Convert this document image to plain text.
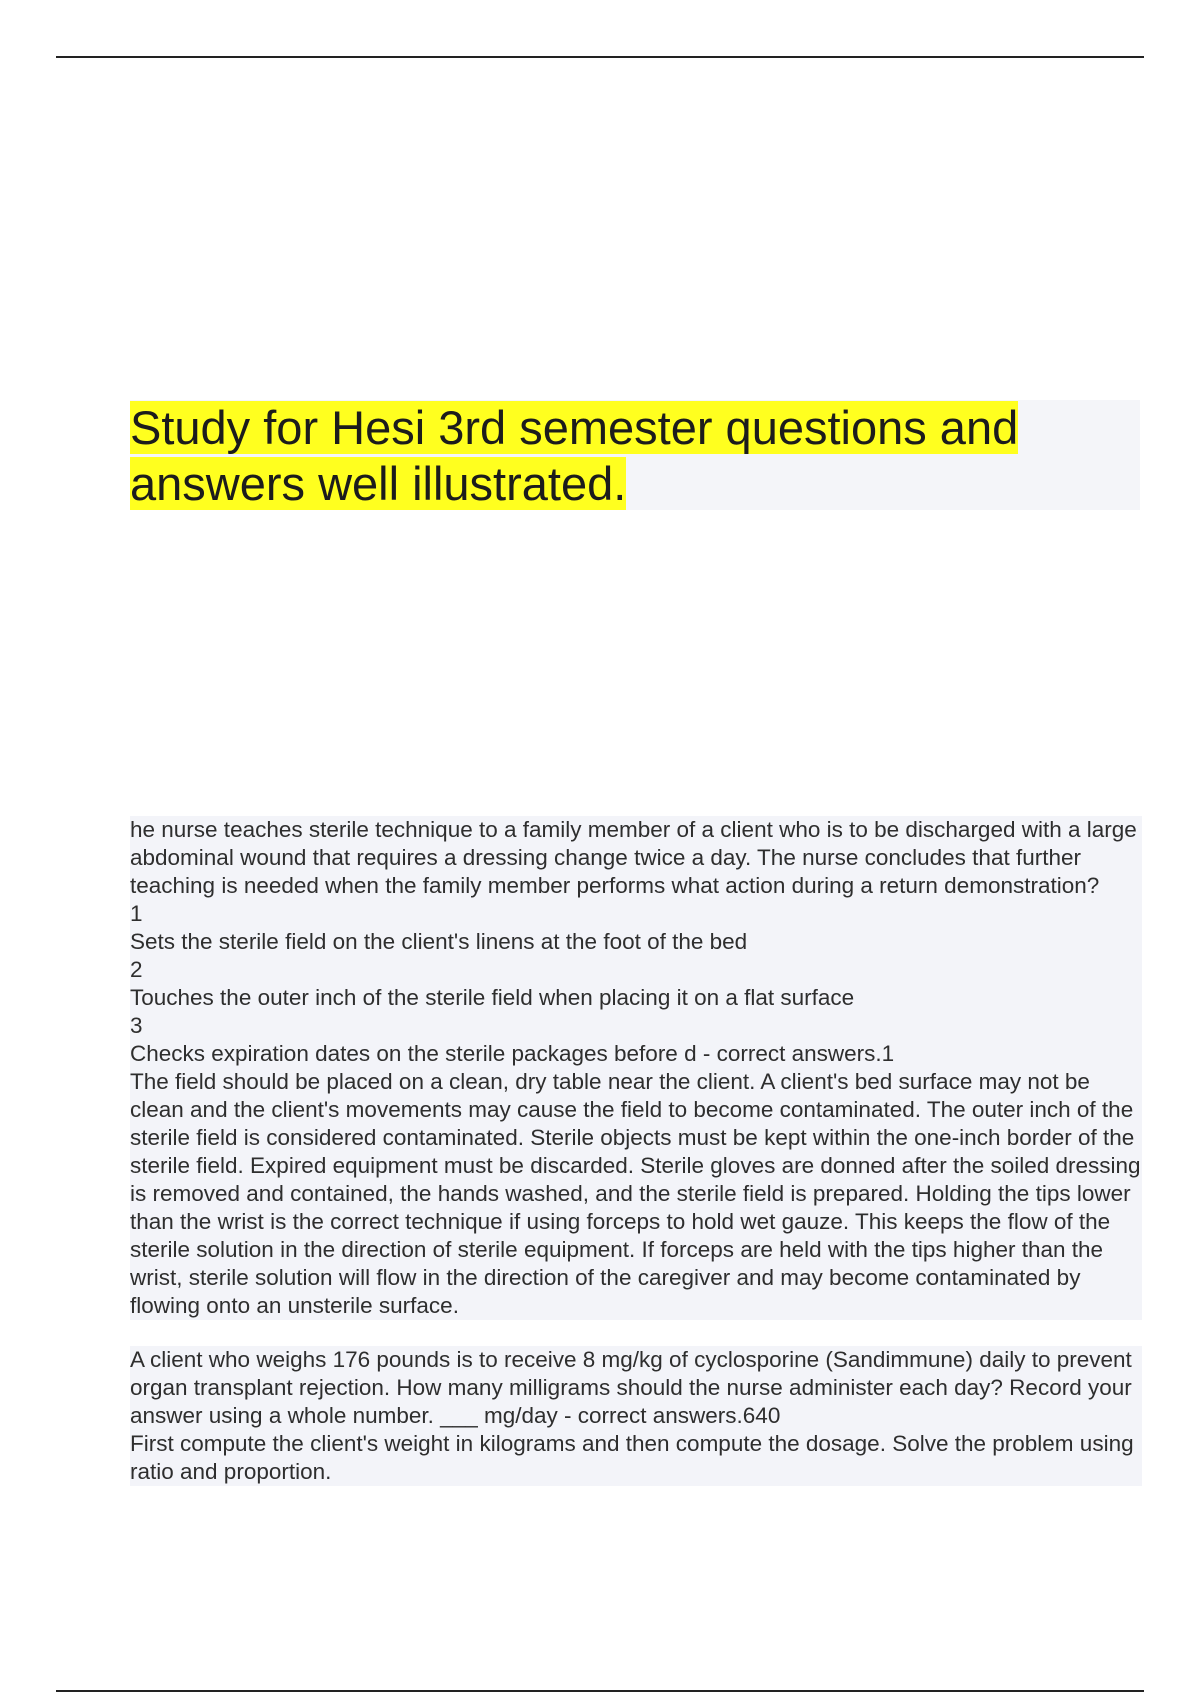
Study for Hesi 3rd semester questions and answers well illustrated.

he nurse teaches sterile technique to a family member of a client who is to be discharged with a large abdominal wound that requires a dressing change twice a day. The nurse concludes that further teaching is needed when the family member performs what action during a return demonstration?

1

Sets the sterile field on the client's linens at the foot of the bed

2

Touches the outer inch of the sterile field when placing it on a flat surface

3

Checks expiration dates on the sterile packages before d - correct answers.1

The field should be placed on a clean, dry table near the client. A client's bed surface may not be clean and the client's movements may cause the field to become contaminated. The outer inch of the sterile field is considered contaminated. Sterile objects must be kept within the one-inch border of the sterile field. Expired equipment must be discarded. Sterile gloves are donned after the soiled dressing is removed and contained, the hands washed, and the sterile field is prepared. Holding the tips lower than the wrist is the correct technique if using forceps to hold wet gauze. This keeps the flow of the sterile solution in the direction of sterile equipment. If forceps are held with the tips higher than the wrist, sterile solution will flow in the direction of the caregiver and may become contaminated by flowing onto an unsterile surface.

A client who weighs 176 pounds is to receive 8 mg/kg of cyclosporine (Sandimmune) daily to prevent organ transplant rejection. How many milligrams should the nurse administer each day? Record your answer using a whole number. ___ mg/day - correct answers.640

First compute the client's weight in kilograms and then compute the dosage. Solve the problem using ratio and proportion.
